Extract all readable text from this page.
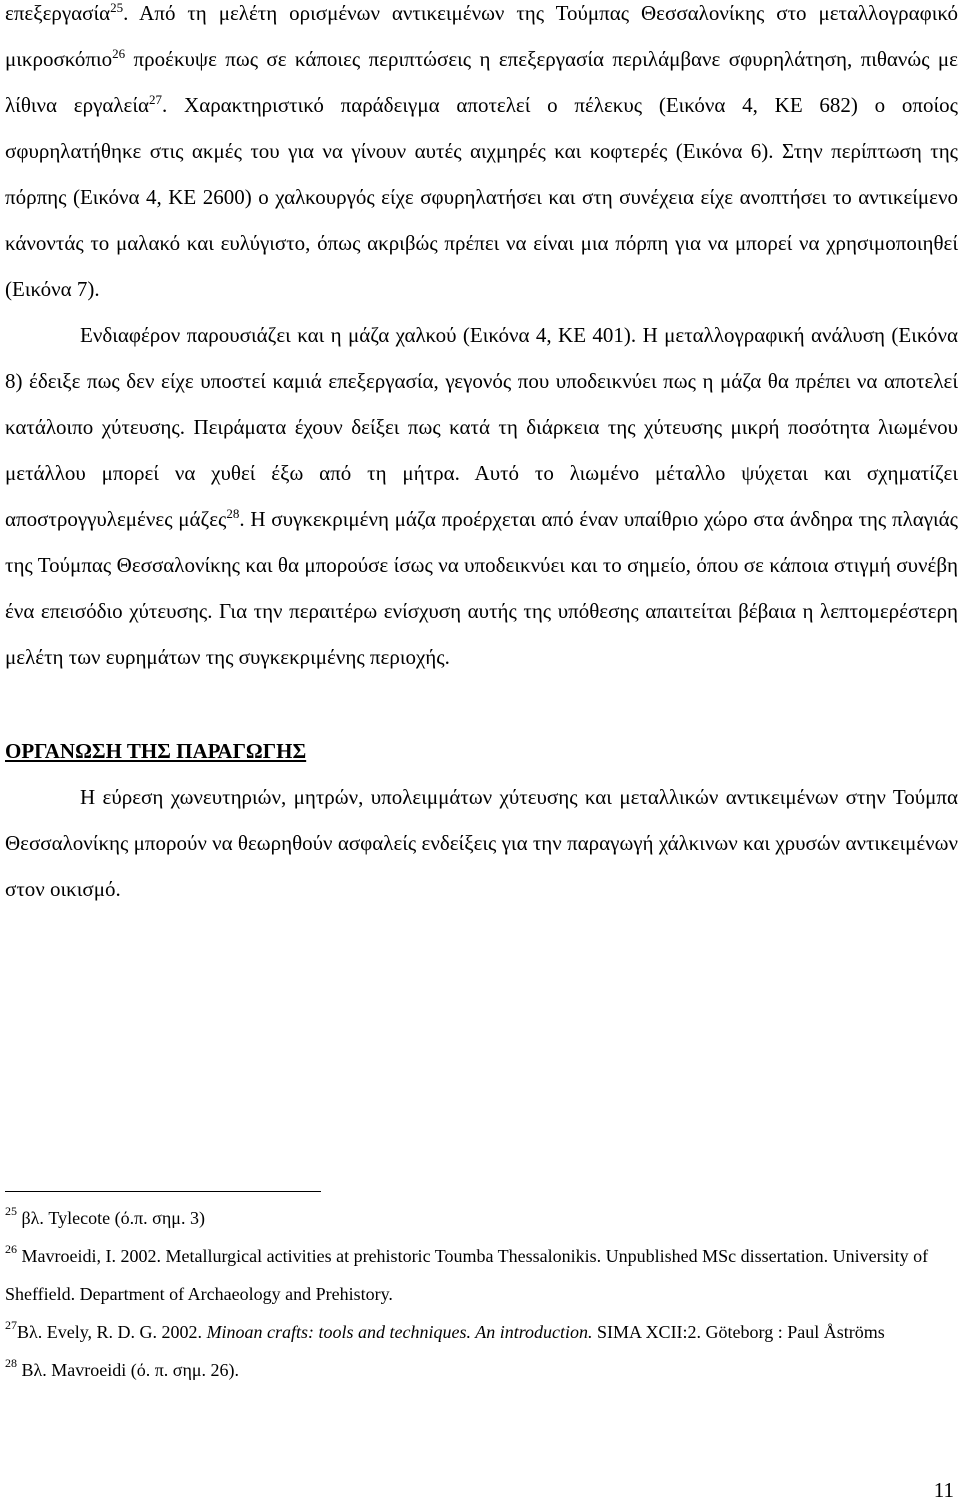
επεξεργασία$^{25}$. Από τη μελέτη ορισμένων αντικειμένων της Τούμπας Θεσσαλονίκης στο μεταλλογραφικό μικροσκόπιο$^{26}$ προέκυψε πως σε κάποιες περιπτώσεις η επεξεργασία περιλάμβανε σφυρηλάτηση, πιθανώς με λίθινα εργαλεία$^{27}$. Χαρακτηριστικό παράδειγμα αποτελεί ο πέλεκυς (Εικόνα 4, ΚΕ 682) ο οποίος σφυρηλατήθηκε στις ακμές του για να γίνουν αυτές αιχμηρές και κοφτερές (Εικόνα 6). Στην περίπτωση της πόρπης (Εικόνα 4, ΚΕ 2600) ο χαλκουργός είχε σφυρηλατήσει και στη συνέχεια είχε ανοπτήσει το αντικείμενο κάνοντάς το μαλακό και ευλύγιστο, όπως ακριβώς πρέπει να είναι μια πόρπη για να μπορεί να χρησιμοποιηθεί (Εικόνα 7).

Ενδιαφέρον παρουσιάζει και η μάζα χαλκού (Εικόνα 4, ΚΕ 401). Η μεταλλογραφική ανάλυση (Εικόνα 8) έδειξε πως δεν είχε υποστεί καμιά επεξεργασία, γεγονός που υποδεικνύει πως η μάζα θα πρέπει να αποτελεί κατάλοιπο χύτευσης. Πειράματα έχουν δείξει πως κατά τη διάρκεια της χύτευσης μικρή ποσότητα λιωμένου μετάλλου μπορεί να χυθεί έξω από τη μήτρα. Αυτό το λιωμένο μέταλλο ψύχεται και σχηματίζει αποστρογγυλεμένες μάζες$^{28}$. Η συγκεκριμένη μάζα προέρχεται από έναν υπαίθριο χώρο στα άνδηρα της πλαγιάς της Τούμπας Θεσσαλονίκης και θα μπορούσε ίσως να υποδεικνύει και το σημείο, όπου σε κάποια στιγμή συνέβη ένα επεισόδιο χύτευσης. Για την περαιτέρω ενίσχυση αυτής της υπόθεσης απαιτείται βέβαια η λεπτομερέστερη μελέτη των ευρημάτων της συγκεκριμένης περιοχής.

ΟΡΓΑΝΩΣΗ ΤΗΣ ΠΑΡΑΓΩΓΗΣ

Η εύρεση χωνευτηριών, μητρών, υπολειμμάτων χύτευσης και μεταλλικών αντικειμένων στην Τούμπα Θεσσαλονίκης μπορούν να θεωρηθούν ασφαλείς ενδείξεις για την παραγωγή χάλκινων και χρυσών αντικειμένων στον οικισμό.

$^{25}$ βλ. Tylecote (ό.π. σημ. 3)

$^{26}$ Mavroeidi, I. 2002. Metallurgical activities at prehistoric Toumba Thessalonikis. Unpublished MSc dissertation. University of Sheffield. Department of Archaeology and Prehistory.

$^{27}$Βλ. Evely, R. D. G. 2002. Minoan crafts: tools and techniques. An introduction. SIMA XCII:2. Göteborg : Paul Åströms

$^{28}$ Βλ. Mavroeidi (ό. π. σημ. 26).

11
